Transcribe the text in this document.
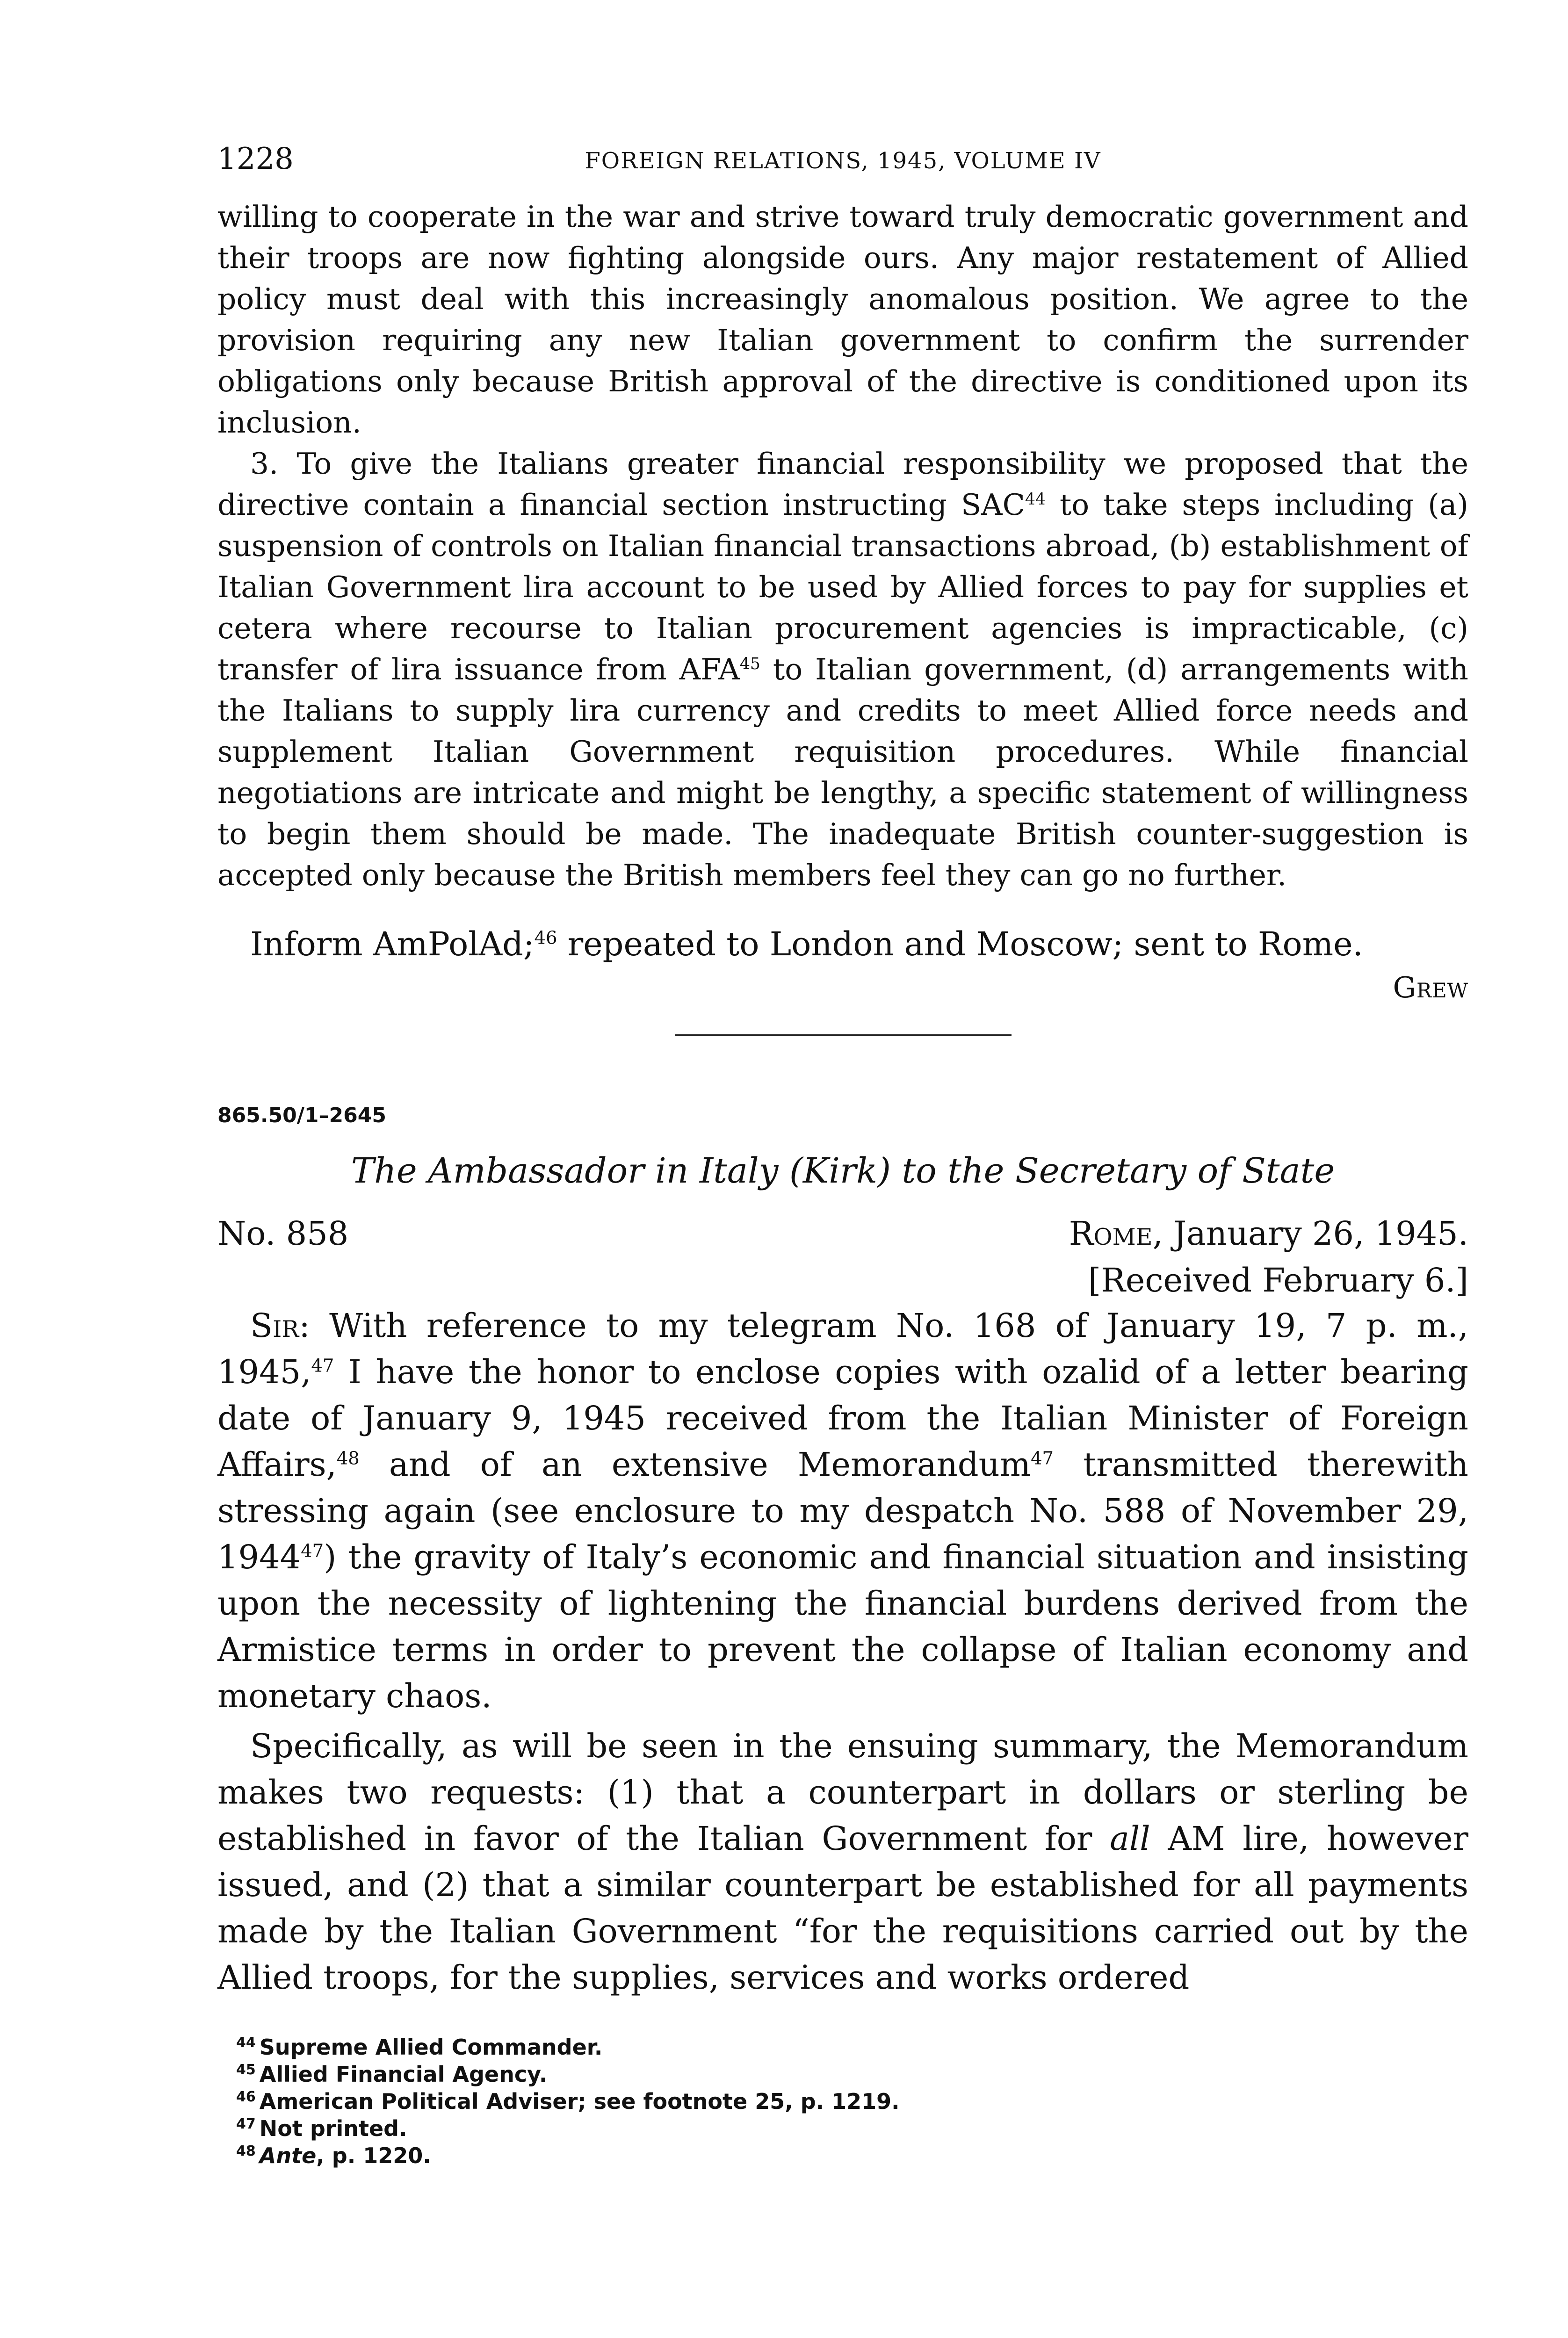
1228	FOREIGN RELATIONS, 1945, VOLUME IV

willing to cooperate in the war and strive toward truly democratic government and their troops are now fighting alongside ours. Any major restatement of Allied policy must deal with this increasingly anomalous position. We agree to the provision requiring any new Italian government to confirm the surrender obligations only because British approval of the directive is conditioned upon its inclusion.

3. To give the Italians greater financial responsibility we proposed that the directive contain a financial section instructing SAC$^{44}$ to take steps including (a) suspension of controls on Italian financial transactions abroad, (b) establishment of Italian Government lira account to be used by Allied forces to pay for supplies et cetera where recourse to Italian procurement agencies is impracticable, (c) transfer of lira issuance from AFA$^{45}$ to Italian government, (d) arrangements with the Italians to supply lira currency and credits to meet Allied force needs and supplement Italian Government requisition procedures. While financial negotiations are intricate and might be lengthy, a specific statement of willingness to begin them should be made. The inadequate British counter-suggestion is accepted only because the British members feel they can go no further.

Inform AmPolAd;$^{46}$ repeated to London and Moscow; sent to Rome.
Grew
865.50/1–2645
The Ambassador in Italy (Kirk) to the Secretary of State
No. 858	Rome, January 26, 1945.
[Received February 6.]

Sir: With reference to my telegram No. 168 of January 19, 7 p. m., 1945,47 I have the honor to enclose copies with ozalid of a letter bearing date of January 9, 1945 received from the Italian Minister of Foreign Affairs,$^{48}$ and of an extensive Memorandum$^{47}$ transmitted therewith stressing again (see enclosure to my despatch No. 588 of November 29, 1944$^{47}$) the gravity of Italy’s economic and financial situation and insisting upon the necessity of lightening the financial burdens derived from the Armistice terms in order to prevent the collapse of Italian economy and monetary chaos.

Specifically, as will be seen in the ensuing summary, the Memorandum makes two requests: (1) that a counterpart in dollars or sterling be established in favor of the Italian Government for all AM lire, however issued, and (2) that a similar counterpart be established for all payments made by the Italian Government “for the requisitions carried out by the Allied troops, for the supplies, services and works ordered

$^{44}$ Supreme Allied Commander.

$^{45}$ Allied Financial Agency.

$^{46}$ American Political Adviser; see footnote 25, p. 1219.

$^{47}$ Not printed.

$^{48}$ Ante, p. 1220.
